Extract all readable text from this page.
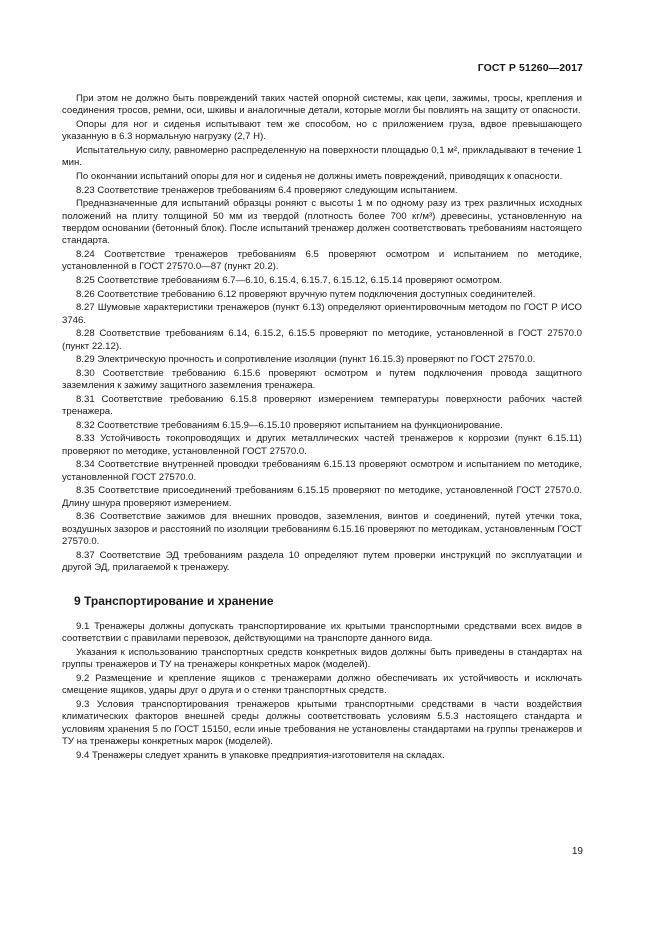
ГОСТ Р 51260—2017

При этом не должно быть повреждений таких частей опорной системы, как цепи, зажимы, тросы, крепления и соединения тросов, ремни, оси, шкивы и аналогичные детали, которые могли бы повлиять на защиту от опасности.

Опоры для ног и сиденья испытывают тем же способом, но с приложением груза, вдвое превышающего указанную в 6.3 нормальную нагрузку (2,7 Н).

Испытательную силу, равномерно распределенную на поверхности площадью 0,1 м², прикладывают в течение 1 мин.

По окончании испытаний опоры для ног и сиденья не должны иметь повреждений, приводящих к опасности.

8.23 Соответствие тренажеров требованиям 6.4 проверяют следующим испытанием.

Предназначенные для испытаний образцы роняют с высоты 1 м по одному разу из трех различных исходных положений на плиту толщиной 50 мм из твердой (плотность более 700 кг/м³) древесины, установленную на твердом основании (бетонный блок). После испытаний тренажер должен соответствовать требованиям настоящего стандарта.

8.24 Соответствие тренажеров требованиям 6.5 проверяют осмотром и испытанием по методике, установленной в ГОСТ 27570.0—87 (пункт 20.2).

8.25 Соответствие требованиям 6.7—6.10, 6.15.4, 6.15.7, 6.15.12, 6.15.14 проверяют осмотром.

8.26 Соответствие требованию 6.12 проверяют вручную путем подключения доступных соединителей.

8.27 Шумовые характеристики тренажеров (пункт 6.13) определяют ориентировочным методом по ГОСТ Р ИСО 3746.

8.28 Соответствие требованиям 6.14, 6.15.2, 6.15.5 проверяют по методике, установленной в ГОСТ 27570.0 (пункт 22.12).

8.29 Электрическую прочность и сопротивление изоляции (пункт 16.15.3) проверяют по ГОСТ 27570.0.

8.30 Соответствие требованию 6.15.6 проверяют осмотром и путем подключения провода защитного заземления к зажиму защитного заземления тренажера.

8.31 Соответствие требованию 6.15.8 проверяют измерением температуры поверхности рабочих частей тренажера.

8.32 Соответствие требованиям 6.15.9—6.15.10 проверяют испытанием на функционирование.

8.33 Устойчивость токопроводящих и других металлических частей тренажеров к коррозии (пункт 6.15.11) проверяют по методике, установленной ГОСТ 27570.0.

8.34 Соответствие внутренней проводки требованиям 6.15.13 проверяют осмотром и испытанием по методике, установленной ГОСТ 27570.0.

8.35 Соответствие присоединений требованиям 6.15.15 проверяют по методике, установленной ГОСТ 27570.0. Длину шнура проверяют измерением.

8.36 Соответствие зажимов для внешних проводов, заземления, винтов и соединений, путей утечки тока, воздушных зазоров и расстояний по изоляции требованиям 6.15.16 проверяют по методикам, установленным ГОСТ 27570.0.

8.37 Соответствие ЭД требованиям раздела 10 определяют путем проверки инструкций по эксплуатации и другой ЭД, прилагаемой к тренажеру.

9 Транспортирование и хранение

9.1 Тренажеры должны допускать транспортирование их крытыми транспортными средствами всех видов в соответствии с правилами перевозок, действующими на транспорте данного вида.

Указания к использованию транспортных средств конкретных видов должны быть приведены в стандартах на группы тренажеров и ТУ на тренажеры конкретных марок (моделей).

9.2 Размещение и крепление ящиков с тренажерами должно обеспечивать их устойчивость и исключать смещение ящиков, удары друг о друга и о стенки транспортных средств.

9.3 Условия транспортирования тренажеров крытыми транспортными средствами в части воздействия климатических факторов внешней среды должны соответствовать условиям 5.5.3 настоящего стандарта и условиям хранения 5 по ГОСТ 15150, если иные требования не установлены стандартами на группы тренажеров и ТУ на тренажеры конкретных марок (моделей).

9.4 Тренажеры следует хранить в упаковке предприятия-изготовителя на складах.

19
